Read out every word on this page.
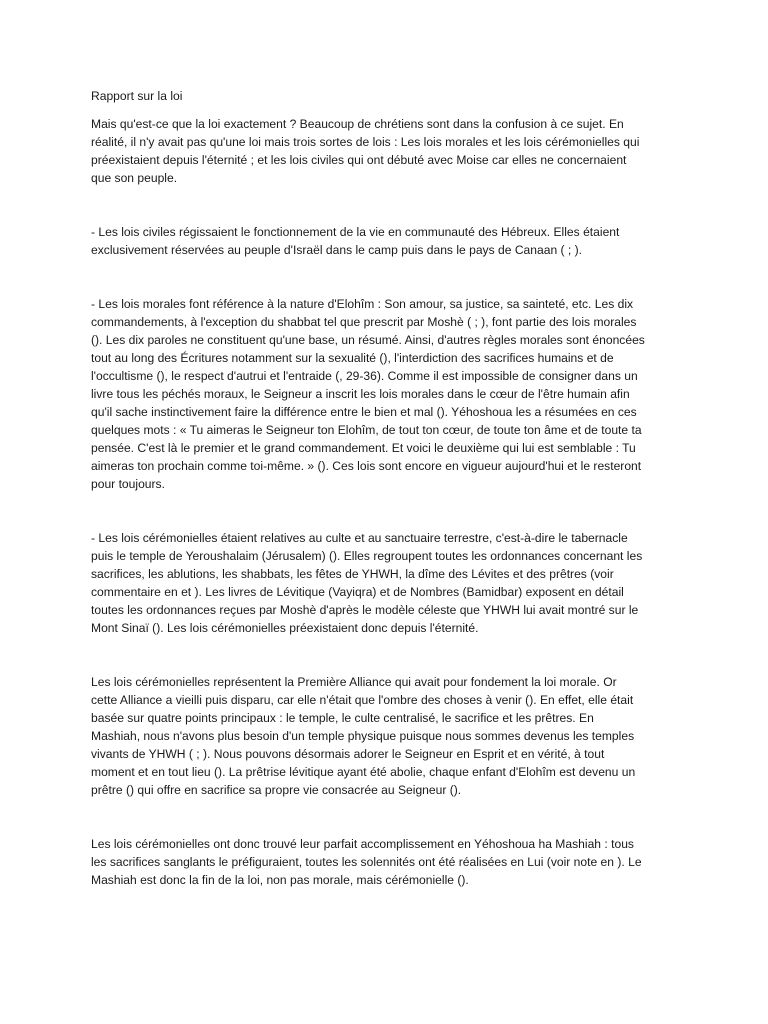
Rapport sur la loi

Mais qu'est-ce que la loi exactement ? Beaucoup de chrétiens sont dans la confusion à ce sujet. En réalité, il n'y avait pas qu'une loi mais trois sortes de lois : Les lois morales et les lois cérémonielles qui préexistaient depuis l'éternité ; et les lois civiles qui ont débuté avec Moise car elles ne concernaient que son peuple.

- Les lois civiles régissaient le fonctionnement de la vie en communauté des Hébreux. Elles étaient exclusivement réservées au peuple d'Israël dans le camp puis dans le pays de Canaan ( ; ).

- Les lois morales font référence à la nature d'Elohîm : Son amour, sa justice, sa sainteté, etc. Les dix commandements, à l'exception du shabbat tel que prescrit par Moshè ( ; ), font partie des lois morales (). Les dix paroles ne constituent qu'une base, un résumé. Ainsi, d'autres règles morales sont énoncées tout au long des Écritures notamment sur la sexualité (), l'interdiction des sacrifices humains et de l'occultisme (), le respect d'autrui et l'entraide (, 29-36). Comme il est impossible de consigner dans un livre tous les péchés moraux, le Seigneur a inscrit les lois morales dans le cœur de l'être humain afin qu'il sache instinctivement faire la différence entre le bien et mal (). Yéhoshoua les a résumées en ces quelques mots : « Tu aimeras le Seigneur ton Elohîm, de tout ton cœur, de toute ton âme et de toute ta pensée. C'est là le premier et le grand commandement. Et voici le deuxième qui lui est semblable : Tu aimeras ton prochain comme toi-même. » (). Ces lois sont encore en vigueur aujourd'hui et le resteront pour toujours.

- Les lois cérémonielles étaient relatives au culte et au sanctuaire terrestre, c'est-à-dire le tabernacle puis le temple de Yeroushalaim (Jérusalem) (). Elles regroupent toutes les ordonnances concernant les sacrifices, les ablutions, les shabbats, les fêtes de YHWH, la dîme des Lévites et des prêtres (voir commentaire en et ). Les livres de Lévitique (Vayiqra) et de Nombres (Bamidbar) exposent en détail toutes les ordonnances reçues par Moshè d'après le modèle céleste que YHWH lui avait montré sur le Mont Sinaï (). Les lois cérémonielles préexistaient donc depuis l'éternité.

Les lois cérémonielles représentent la Première Alliance qui avait pour fondement la loi morale. Or cette Alliance a vieilli puis disparu, car elle n'était que l'ombre des choses à venir (). En effet, elle était basée sur quatre points principaux : le temple, le culte centralisé, le sacrifice et les prêtres. En Mashiah, nous n'avons plus besoin d'un temple physique puisque nous sommes devenus les temples vivants de YHWH ( ; ). Nous pouvons désormais adorer le Seigneur en Esprit et en vérité, à tout moment et en tout lieu (). La prêtrise lévitique ayant été abolie, chaque enfant d'Elohîm est devenu un prêtre () qui offre en sacrifice sa propre vie consacrée au Seigneur ().

Les lois cérémonielles ont donc trouvé leur parfait accomplissement en Yéhoshoua ha Mashiah : tous les sacrifices sanglants le préfiguraient, toutes les solennités ont été réalisées en Lui (voir note en ). Le Mashiah est donc la fin de la loi, non pas morale, mais cérémonielle ().
